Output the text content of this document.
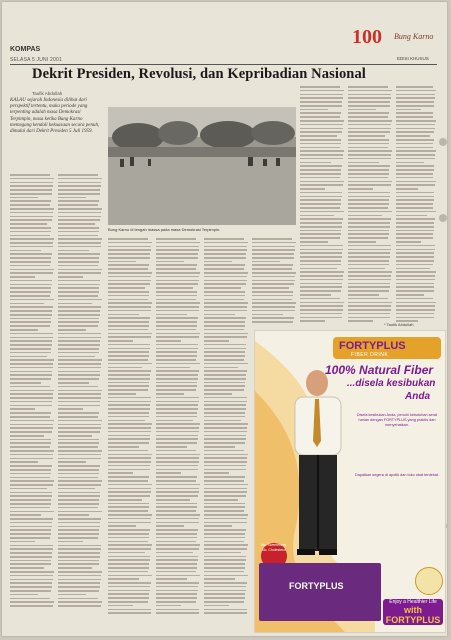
KOMPAS
SELASA 5 JUNI 2001
100 Bung Karno
EDISI KHUSUS
Dekrit Presiden, Revolusi, dan Kepribadian Nasional
Taufik Abdullah
KALAU sejarah Indonesia dilihat dari perspektif tertentu, maka periode yang terpenting adalah masa Demokrasi Terpimpin, masa ketika Bung Karno memegang kendali kekuasaan secara penuh, dimulai dari Dekrit Presiden 5 Juli 1959.
Bung Karno di tengah massa pada masa Demokrasi Terpimpin.
* Taufik Abdullah
FORTYPLUS
FIBER DRINK
100% Natural Fiber
...disela kesibukan
Anda
Disela kesibukan Anda, penuhi kebutuhan serat harian dengan FORTYPLUS yang praktis dan menyehatkan.
Dapatkan segera di apotik dan toko obat terdekat.
No. Sweeteners, No. Cholesterol
FORTYPLUS
Enjoy a Healthier Life
with FORTYPLUS
